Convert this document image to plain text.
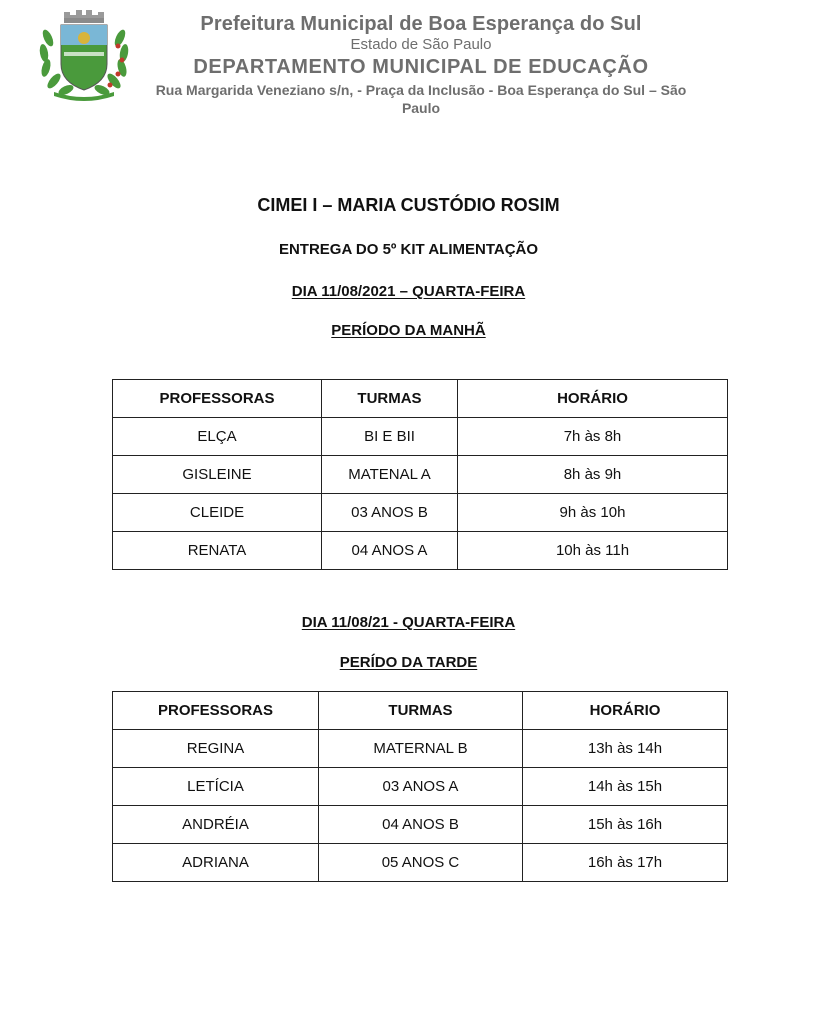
Prefeitura Municipal de Boa Esperança do Sul
Estado de São Paulo
DEPARTAMENTO MUNICIPAL DE EDUCAÇÃO
Rua Margarida Veneziano s/n, - Praça da Inclusão - Boa Esperança do Sul – São Paulo
CIMEI I – MARIA CUSTÓDIO ROSIM
ENTREGA DO 5º KIT ALIMENTAÇÃO
DIA 11/08/2021 – QUARTA-FEIRA
PERÍODO DA MANHÃ
PROFESSORAS	TURMAS	HORÁRIO
ELÇA	BI E BII	7h às 8h
GISLEINE	MATENAL A	8h às 9h
CLEIDE	03 ANOS B	9h às 10h
RENATA	04 ANOS A	10h às 11h
DIA 11/08/21 - QUARTA-FEIRA
PERÍDO DA TARDE
PROFESSORAS	TURMAS	HORÁRIO
REGINA	MATERNAL B	13h às 14h
LETÍCIA	03 ANOS A	14h às 15h
ANDRÉIA	04 ANOS B	15h às 16h
ADRIANA	05 ANOS C	16h às 17h
